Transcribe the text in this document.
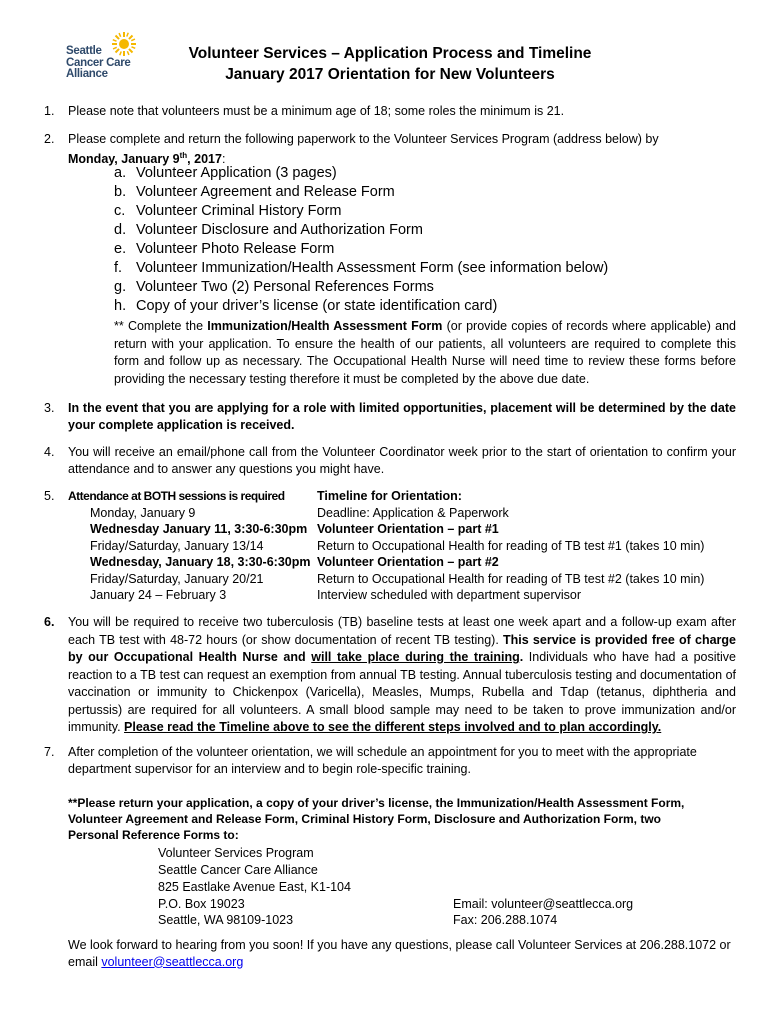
Seattle
Cancer Care
Alliance
Volunteer Services – Application Process and Timeline
January 2017 Orientation for New Volunteers
1. Please note that volunteers must be a minimum age of 18; some roles the minimum is 21.
2. Please complete and return the following paperwork to the Volunteer Services Program (address below) by
Monday, January 9th, 2017:
a. Volunteer Application (3 pages)
b. Volunteer Agreement and Release Form
c. Volunteer Criminal History Form
d. Volunteer Disclosure and Authorization Form
e. Volunteer Photo Release Form
f. Volunteer Immunization/Health Assessment Form (see information below)
g. Volunteer Two (2) Personal References Forms
h. Copy of your driver’s license (or state identification card)
** Complete the Immunization/Health Assessment Form (or provide copies of records where applicable) and return with your application. To ensure the health of our patients, all volunteers are required to complete this form and follow up as necessary. The Occupational Health Nurse will need time to review these forms before providing the necessary testing therefore it must be completed by the above due date.
3. In the event that you are applying for a role with limited opportunities, placement will be determined by the date your complete application is received.
4. You will receive an email/phone call from the Volunteer Coordinator week prior to the start of orientation to confirm your attendance and to answer any questions you might have.
5. Attendance at BOTH sessions is required	Timeline for Orientation:
Monday, January 9	Deadline: Application & Paperwork
Wednesday January 11, 3:30-6:30pm Volunteer Orientation – part #1
Friday/Saturday, January 13/14	Return to Occupational Health for reading of TB test #1 (takes 10 min)
Wednesday, January 18, 3:30-6:30pm Volunteer Orientation – part #2
Friday/Saturday, January 20/21	Return to Occupational Health for reading of TB test #2 (takes 10 min)
January 24 – February 3	Interview scheduled with department supervisor
6. You will be required to receive two tuberculosis (TB) baseline tests at least one week apart and a follow-up exam after each TB test with 48-72 hours (or show documentation of recent TB testing). This service is provided free of charge by our Occupational Health Nurse and will take place during the training. Individuals who have had a positive reaction to a TB test can request an exemption from annual TB testing. Annual tuberculosis testing and documentation of vaccination or immunity to Chickenpox (Varicella), Measles, Mumps, Rubella and Tdap (tetanus, diphtheria and pertussis) are required for all volunteers. A small blood sample may need to be taken to prove immunization and/or immunity. Please read the Timeline above to see the different steps involved and to plan accordingly.
7. After completion of the volunteer orientation, we will schedule an appointment for you to meet with the appropriate department supervisor for an interview and to begin role-specific training.
**Please return your application, a copy of your driver’s license, the Immunization/Health Assessment Form, Volunteer Agreement and Release Form, Criminal History Form, Disclosure and Authorization Form, two Personal Reference Forms to:
Volunteer Services Program
Seattle Cancer Care Alliance
825 Eastlake Avenue East, K1-104
P.O. Box 19023
Seattle, WA 98109-1023
Email: volunteer@seattlecca.org
Fax: 206.288.1074
We look forward to hearing from you soon! If you have any questions, please call Volunteer Services at 206.288.1072 or email volunteer@seattlecca.org
